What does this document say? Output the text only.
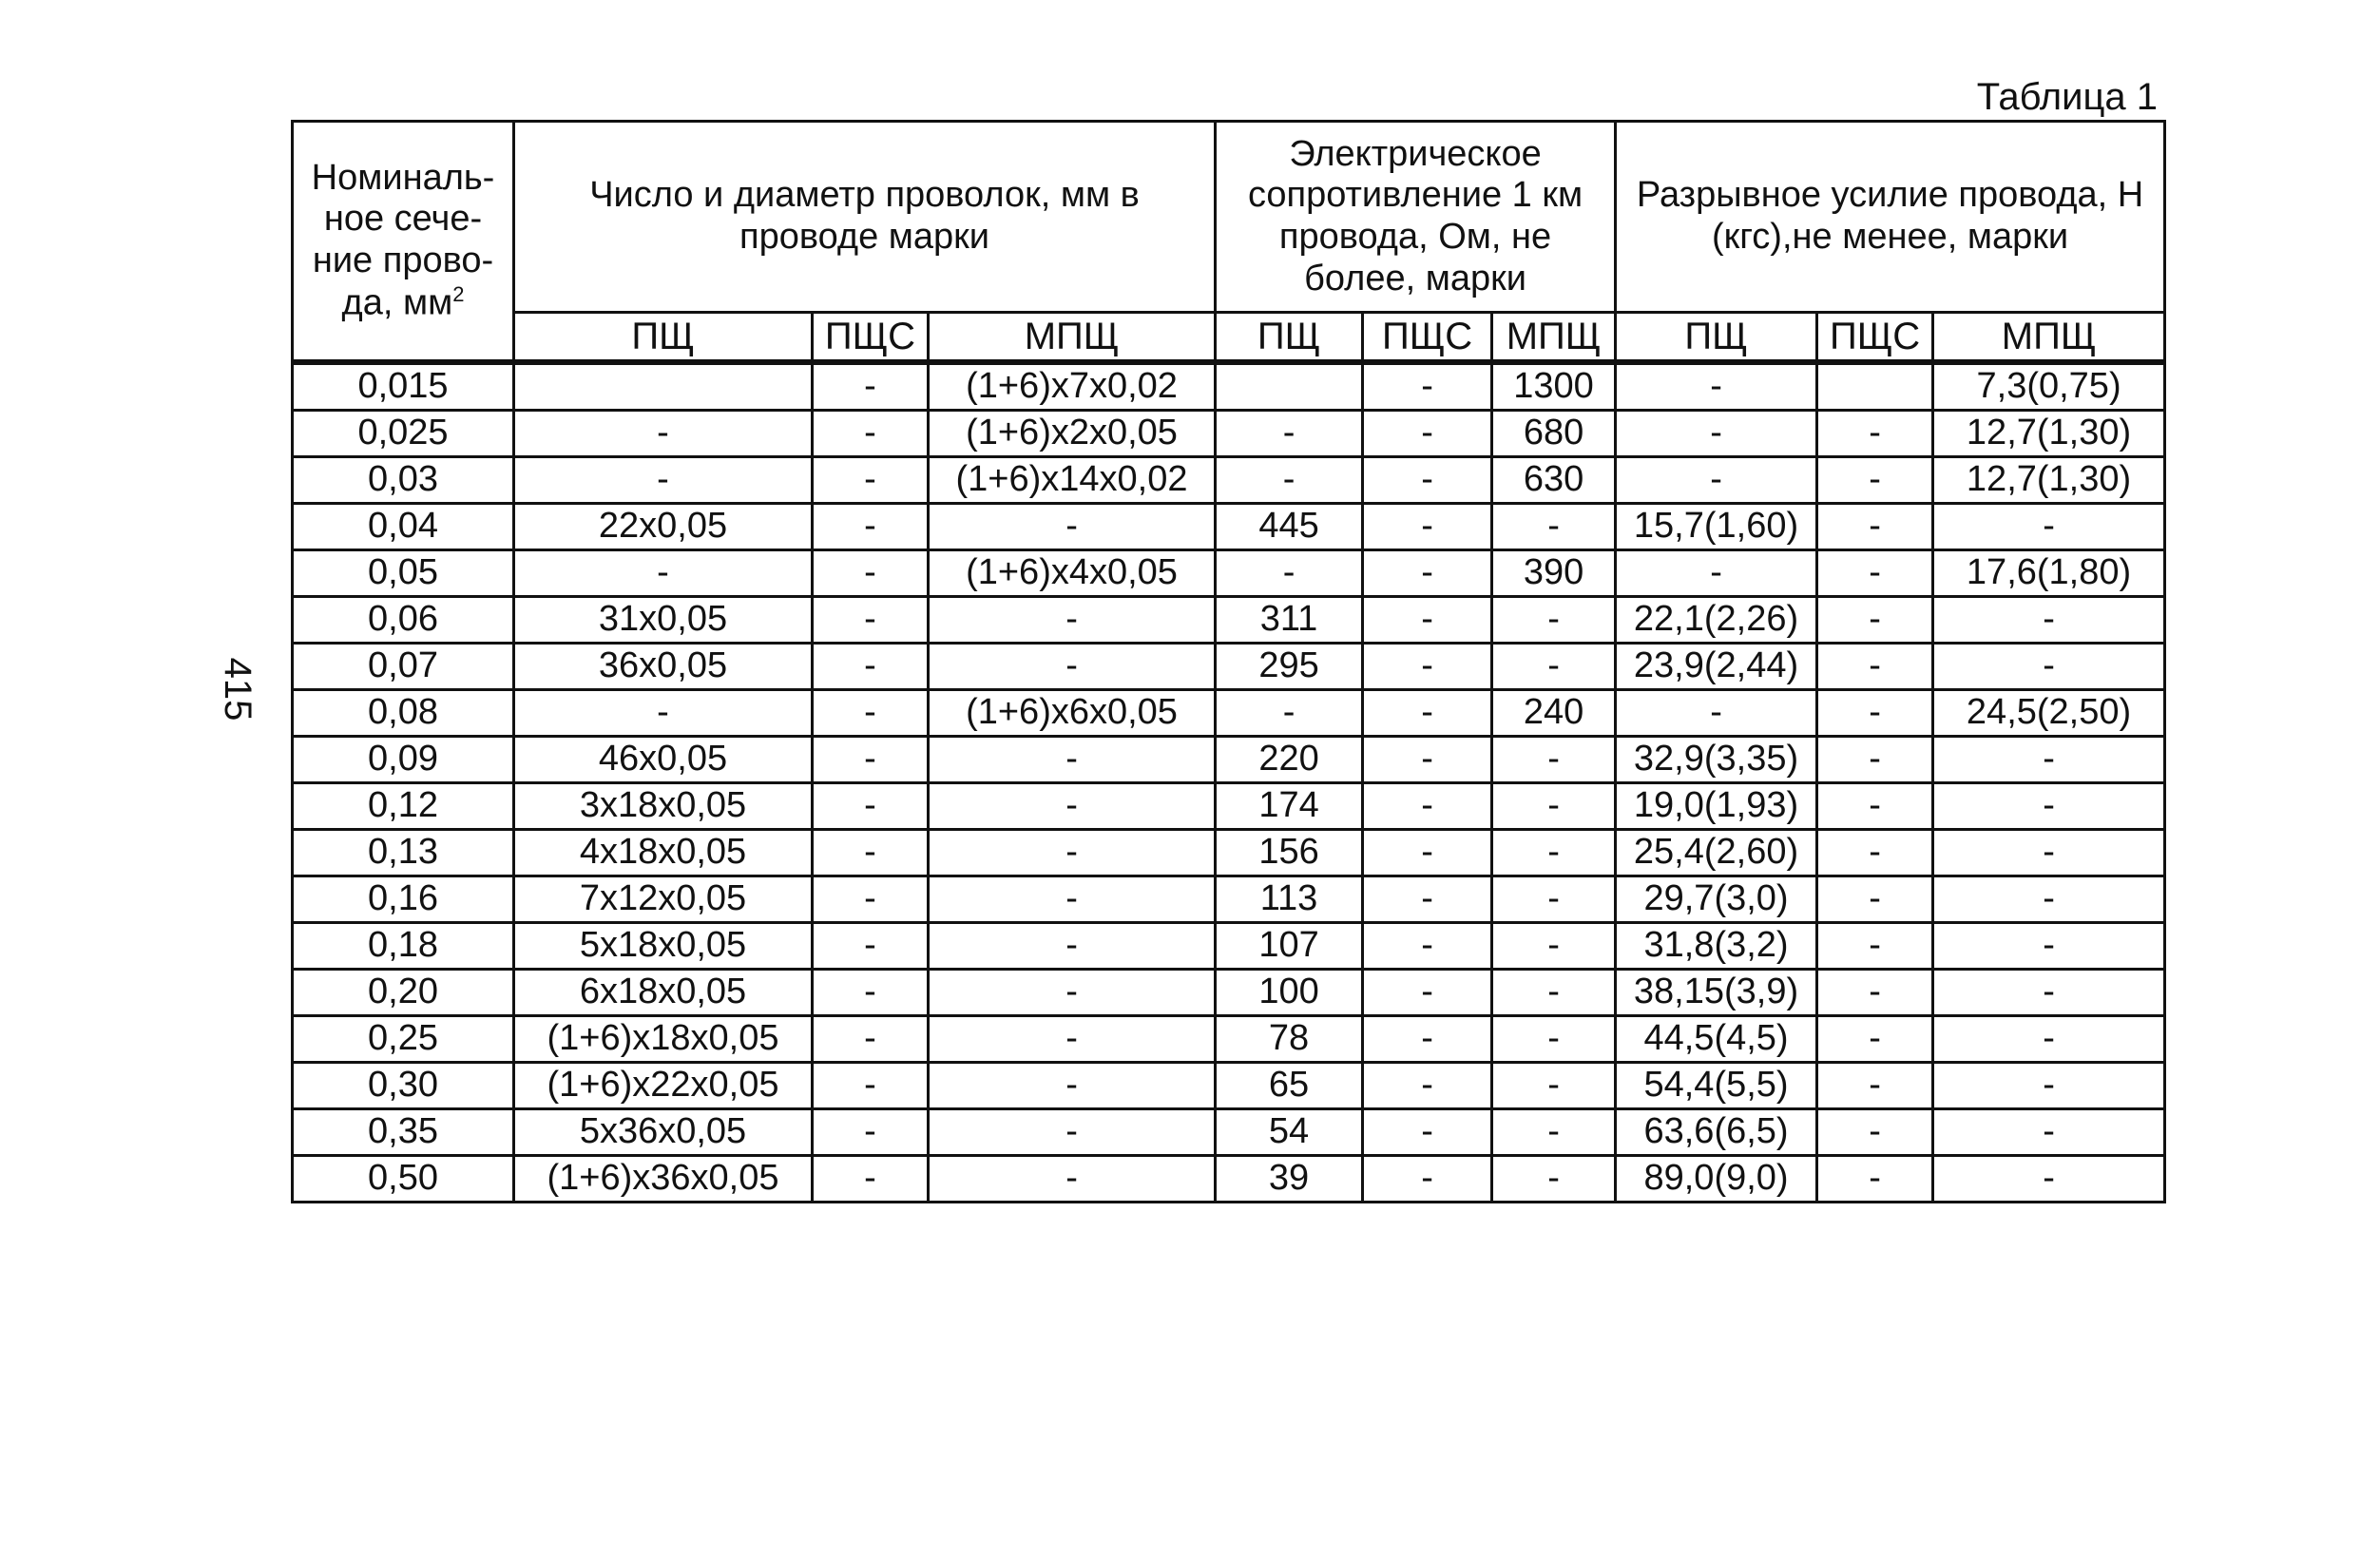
415
Таблица 1
Номиналь-ное сече-ние прово-да, $мм^2$	Число и диаметр проволок, мм в проводе марки			Электрическое сопротивление 1 км провода, Ом, не более, марки			Разрывное усилие провода, Н (кгс),не менее, марки		
	ПЩ	ПЩС	МПЩ	ПЩ	ПЩС	МПЩ	ПЩ	ПЩС	МПЩ
0,015		-	(1+6)x7x0,02		-	1300	-		7,3(0,75)
0,025	-	-	(1+6)x2x0,05	-	-	680	-	-	12,7(1,30)
0,03	-	-	(1+6)x14x0,02	-	-	630	-	-	12,7(1,30)
0,04	22x0,05	-	-	445	-	-	15,7(1,60)	-	-
0,05	-	-	(1+6)x4x0,05	-	-	390	-	-	17,6(1,80)
0,06	31x0,05	-	-	311	-	-	22,1(2,26)	-	-
0,07	36x0,05	-	-	295	-	-	23,9(2,44)	-	-
0,08	-	-	(1+6)x6x0,05	-	-	240	-	-	24,5(2,50)
0,09	46x0,05	-	-	220	-	-	32,9(3,35)	-	-
0,12	3x18x0,05	-	-	174	-	-	19,0(1,93)	-	-
0,13	4x18x0,05	-	-	156	-	-	25,4(2,60)	-	-
0,16	7x12x0,05	-	-	113	-	-	29,7(3,0)	-	-
0,18	5x18x0,05	-	-	107	-	-	31,8(3,2)	-	-
0,20	6x18x0,05	-	-	100	-	-	38,15(3,9)	-	-
0,25	(1+6)x18x0,05	-	-	78	-	-	44,5(4,5)	-	-
0,30	(1+6)x22x0,05	-	-	65	-	-	54,4(5,5)	-	-
0,35	5x36x0,05	-	-	54	-	-	63,6(6,5)	-	-
0,50	(1+6)x36x0,05	-	-	39	-	-	89,0(9,0)	-	-
